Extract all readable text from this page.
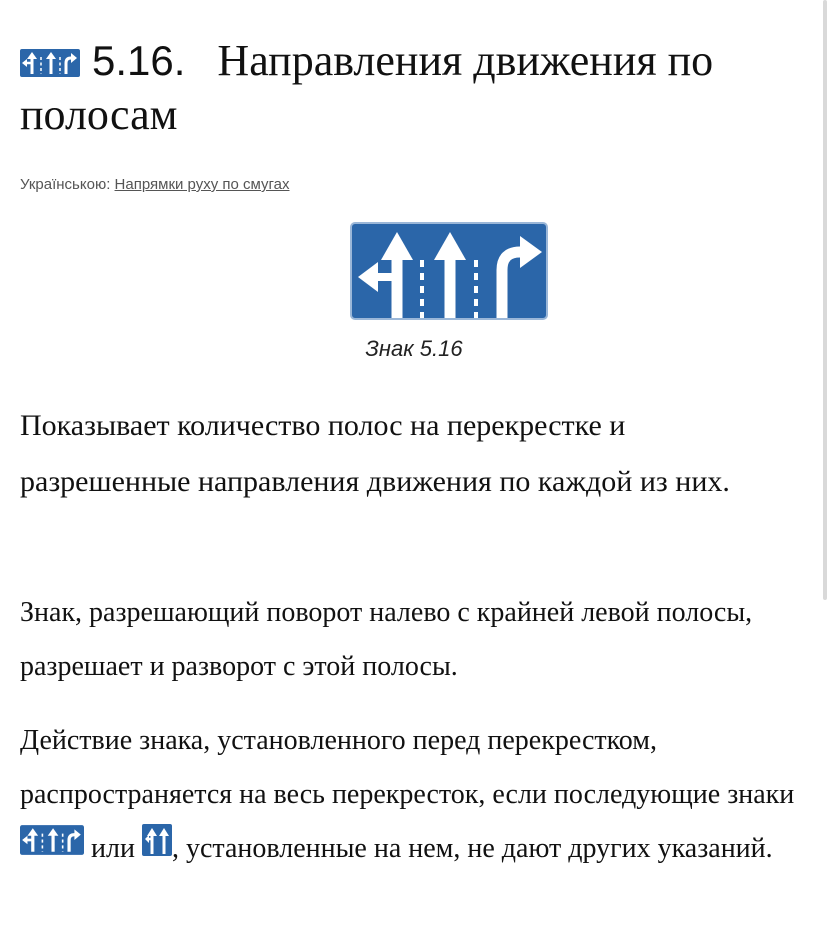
5.16. Направления движения по полосам
Українською: Напрямки руху по смугах
Знак 5.16

Показывает количество полос на перекрестке и разрешенные направления движения по каждой из них.

Знак, разрешающий поворот налево с крайней левой полосы, разрешает и разворот с этой полосы.

Действие знака, установленного перед перекрестком, распространяется на весь перекресток, если последующие знаки  или , установленные на нем, не дают других указаний.
